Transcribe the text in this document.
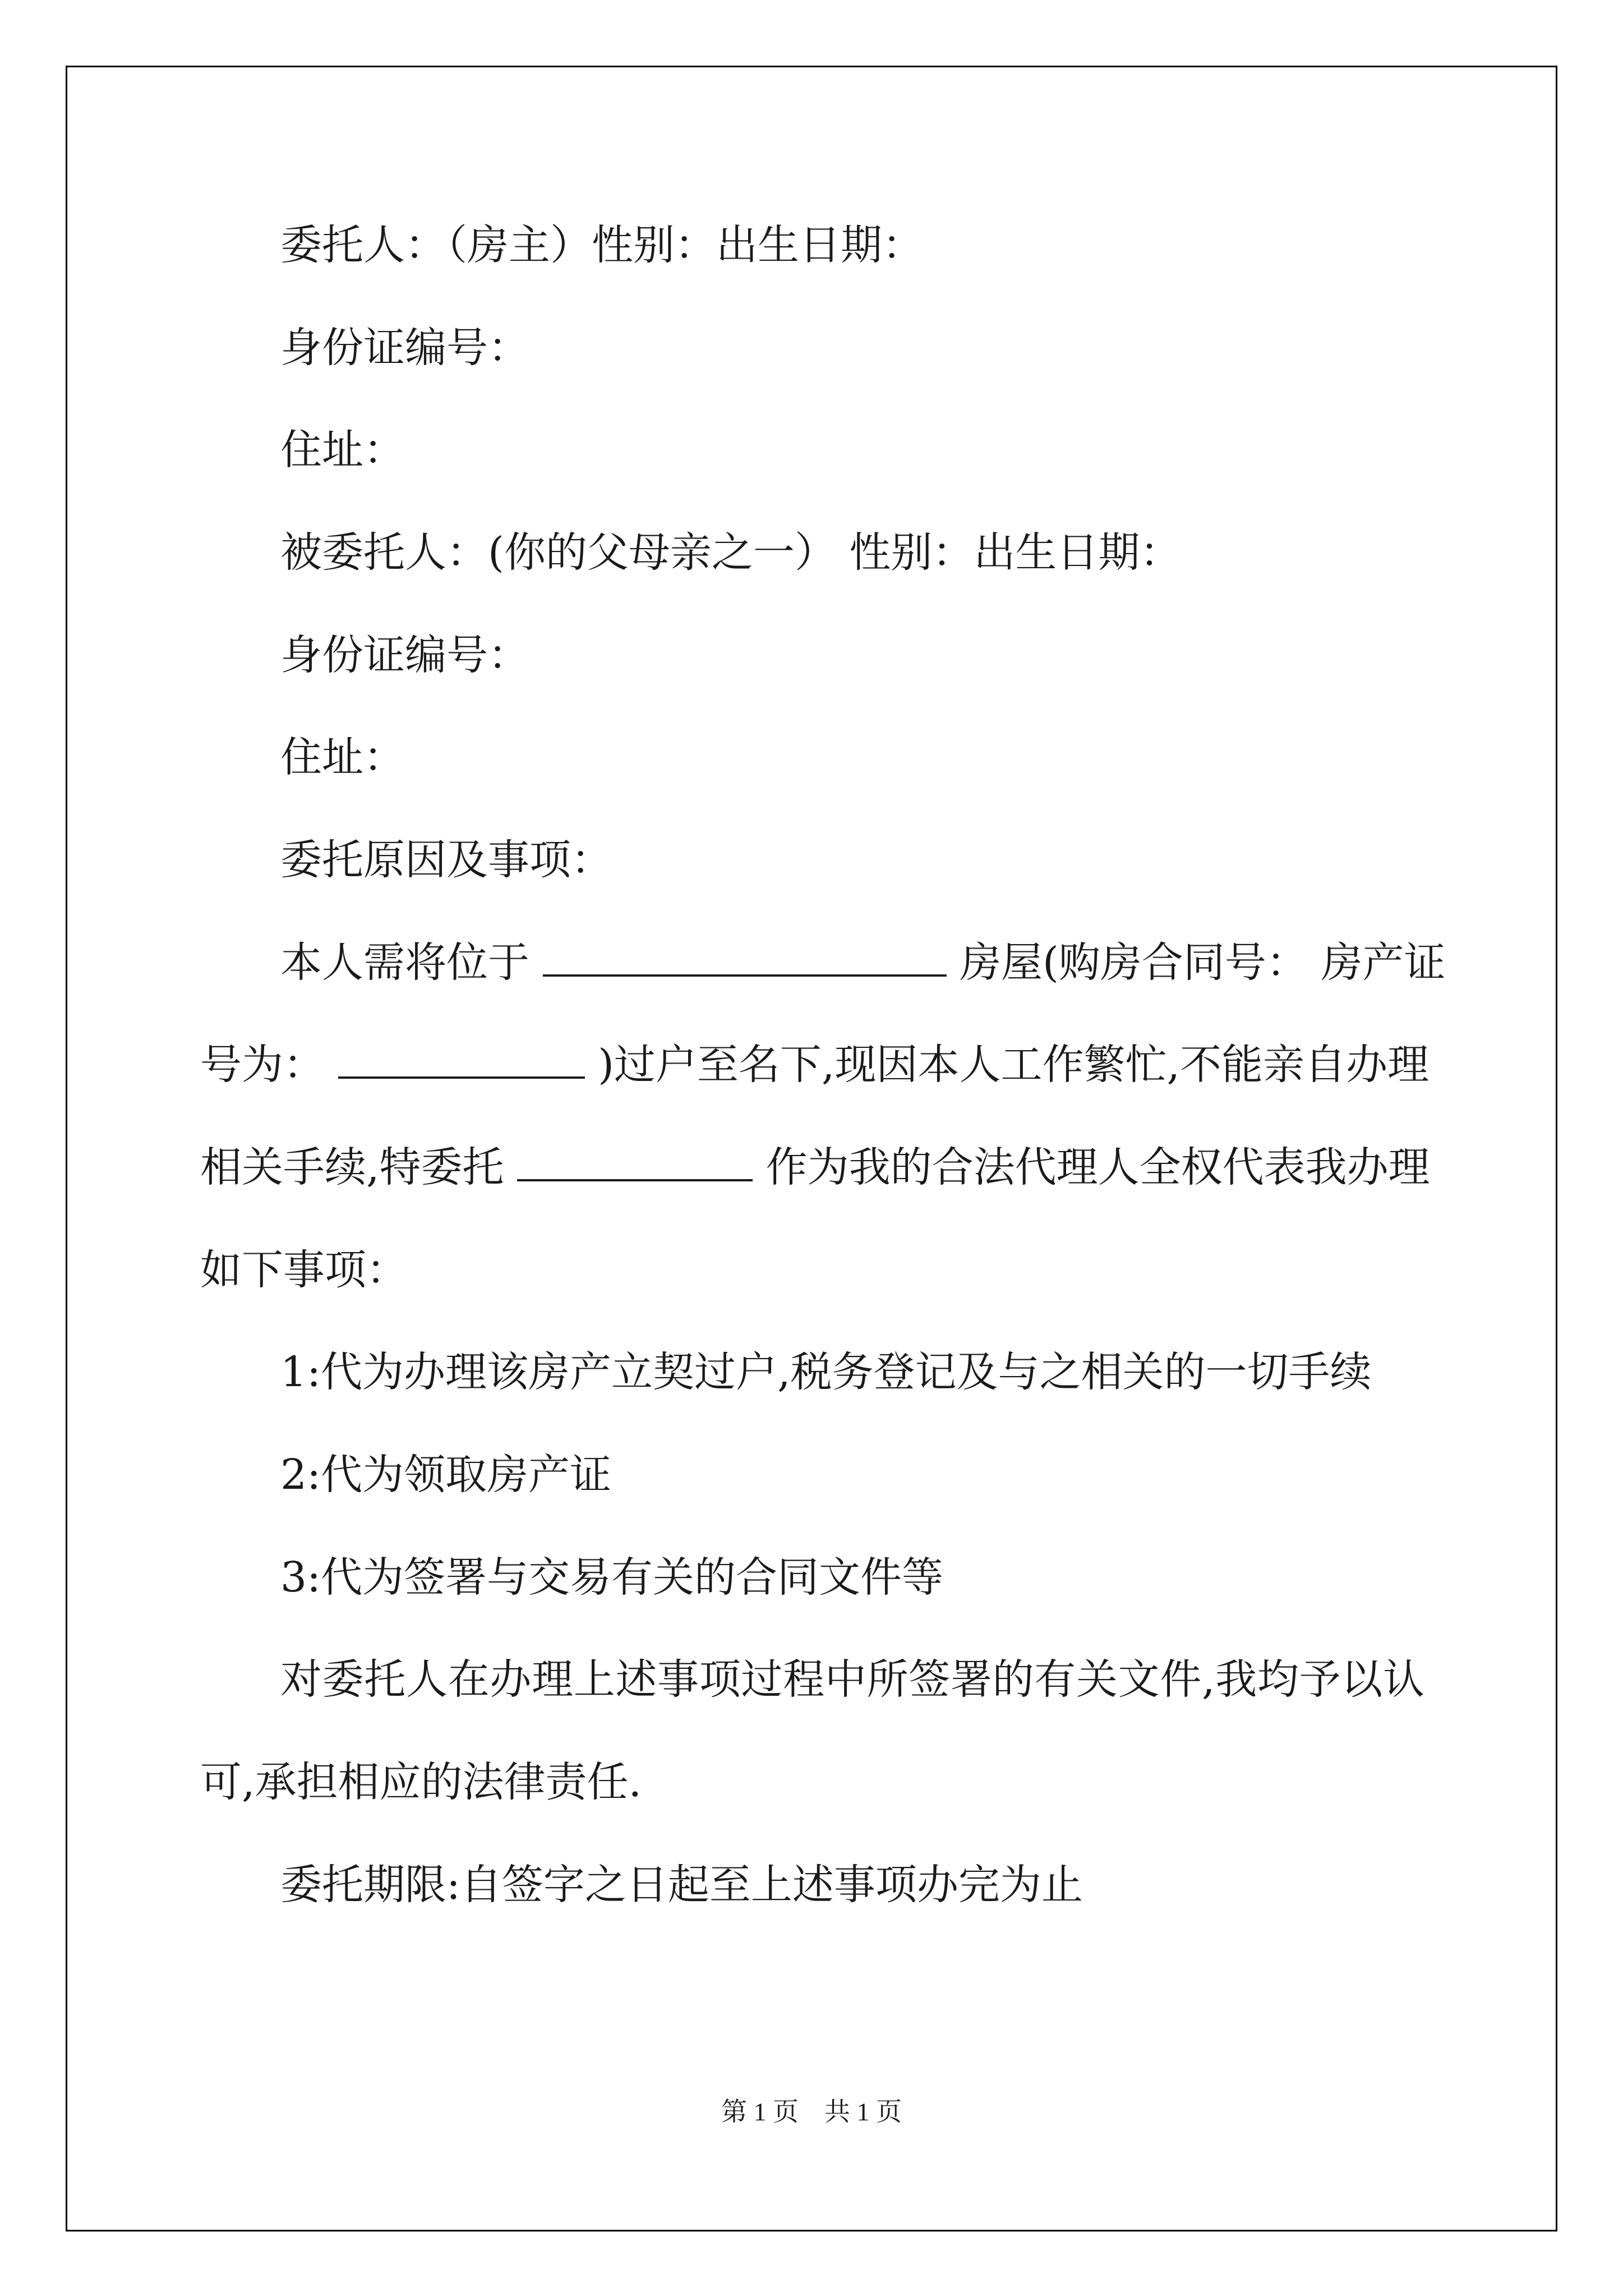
委托人：（房主）性别：出生日期：
身份证编号：
住址：
被委托人：(你的父母亲之一） 性别：出生日期：
身份证编号：
住址：
委托原因及事项：
本人需将位于	房屋(购房合同号： 房产证
号为：	)过户至名下,现因本人工作繁忙,不能亲自办理
相关手续,特委托	作为我的合法代理人全权代表我办理
如下事项：
1:代为办理该房产立契过户,税务登记及与之相关的一切手续
2:代为领取房产证
3:代为签署与交易有关的合同文件等
对委托人在办理上述事项过程中所签署的有关文件,我均予以认
可,承担相应的法律责任.
委托期限:自签字之日起至上述事项办完为止
第 1 页    共 1 页
